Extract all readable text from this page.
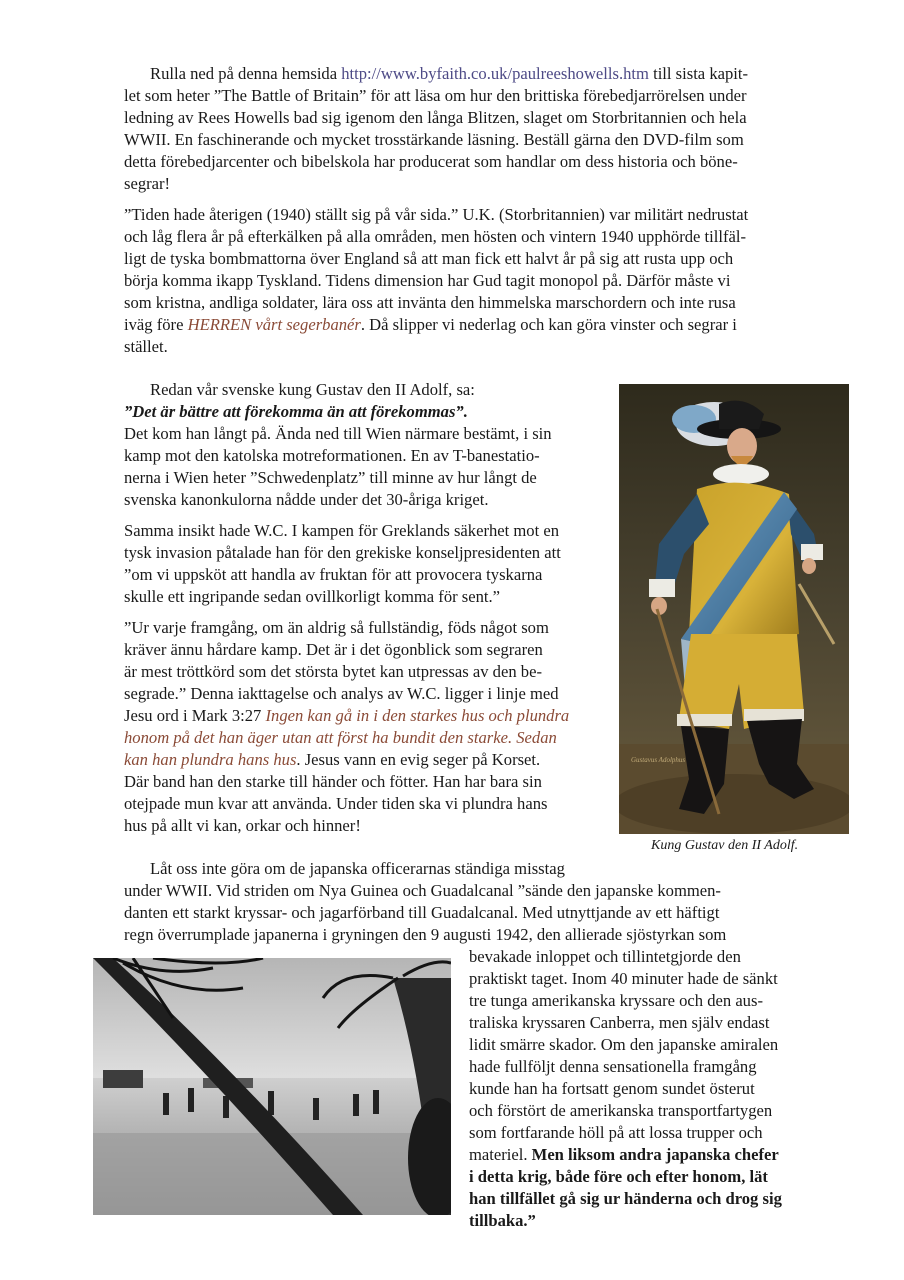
Rulla ned på denna hemsida http://www.byfaith.co.uk/paulreeshowells.htm till sista kapit-
let som heter ”The Battle of Britain” för att läsa om hur den brittiska förebedjarrörelsen under
ledning av Rees Howells bad sig igenom den långa Blitzen, slaget om Storbritannien och hela
WWII. En faschinerande och mycket trosstärkande läsning. Beställ gärna den DVD-film som
detta förebedjarcenter och bibelskola har producerat som handlar om dess historia och böne-
segrar!
”Tiden hade återigen (1940) ställt sig på vår sida.” U.K. (Storbritannien) var militärt nedrustat
och låg flera år på efterkälken på alla områden, men hösten och vintern 1940 upphörde tillfäl-
ligt de tyska bombmattorna över England så att man fick ett halvt år på sig att rusta upp och
börja komma ikapp Tyskland. Tidens dimension har Gud tagit monopol på. Därför måste vi
som kristna, andliga soldater, lära oss att invänta den himmelska marschordern och inte rusa
iväg före HERREN vårt segerbanér. Då slipper vi nederlag och kan göra vinster och segrar i
stället.
Redan vår svenske kung Gustav den II Adolf, sa:
”Det är bättre att förekomma än att förekommas”.
Det kom han långt på. Ända ned till Wien närmare bestämt, i sin
kamp mot den katolska motreformationen. En av T-banestatio-
nerna i Wien heter ”Schwedenplatz” till minne av hur långt de
svenska kanonkulorna nådde under det 30-åriga kriget.
Samma insikt hade W.C. I kampen för Greklands säkerhet mot en
tysk invasion påtalade han för den grekiske konseljpresidenten att
”om vi uppsköt att handla av fruktan för att provocera tyskarna
skulle ett ingripande sedan ovillkorligt komma för sent.”
”Ur varje framgång, om än aldrig så fullständig, föds något som
kräver ännu hårdare kamp. Det är i det ögonblick som segraren
är mest tröttkörd som det största bytet kan utpressas av den be-
segrade.” Denna iakttagelse och analys av W.C. ligger i linje med
Jesu ord i Mark 3:27 Ingen kan gå in i den starkes hus och plundra
honom på det han äger utan att först ha bundit den starke. Sedan
kan han plundra hans hus. Jesus vann en evig seger på Korset.
Där band han den starke till händer och fötter. Han har bara sin
otejpade mun kvar att använda. Under tiden ska vi plundra hans
hus på allt vi kan, orkar och hinner!
Gustavus Adolphus
Kung Gustav den II Adolf.
Låt oss inte göra om de japanska officerarnas ständiga misstag
under WWII. Vid striden om Nya Guinea och Guadalcanal ”sände den japanske kommen-
danten ett starkt kryssar- och jagarförband till Guadalcanal. Med utnyttjande av ett häftigt
regn överrumplade japanerna i gryningen den 9 augusti 1942, den allierade sjöstyrkan som
bevakade inloppet och tillintetgjorde den
praktiskt taget. Inom 40 minuter hade de sänkt
tre tunga amerikanska kryssare och den aus-
traliska kryssaren Canberra, men själv endast
lidit smärre skador. Om den japanske amiralen
hade fullföljt denna sensationella framgång
kunde han ha fortsatt genom sundet österut
och förstört de amerikanska transportfartygen
som fortfarande höll på att lossa trupper och
materiel. Men liksom andra japanska chefer
i detta krig, både före och efter honom, lät
han tillfället gå sig ur händerna och drog sig
tillbaka.”
